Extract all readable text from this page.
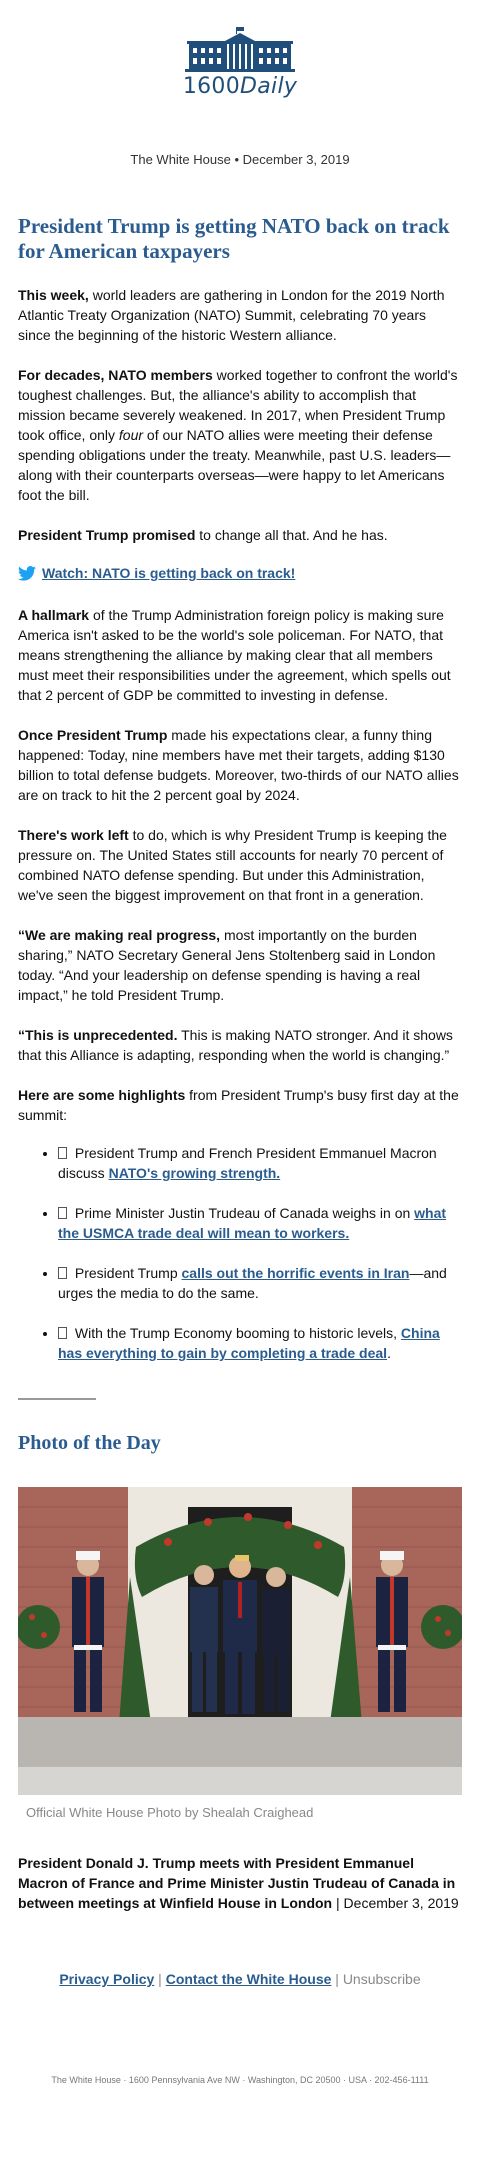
1600Daily
The White House • December 3, 2019
President Trump is getting NATO back on track for American taxpayers

This week, world leaders are gathering in London for the 2019 North Atlantic Treaty Organization (NATO) Summit, celebrating 70 years since the beginning of the historic Western alliance.

For decades, NATO members worked together to confront the world's toughest challenges. But, the alliance's ability to accomplish that mission became severely weakened. In 2017, when President Trump took office, only four of our NATO allies were meeting their defense spending obligations under the treaty. Meanwhile, past U.S. leaders—along with their counterparts overseas—were happy to let Americans foot the bill.

President Trump promised to change all that. And he has.

Watch: NATO is getting back on track!

A hallmark of the Trump Administration foreign policy is making sure America isn't asked to be the world's sole policeman. For NATO, that means strengthening the alliance by making clear that all members must meet their responsibilities under the agreement, which spells out that 2 percent of GDP be committed to investing in defense.

Once President Trump made his expectations clear, a funny thing happened: Today, nine members have met their targets, adding $130 billion to total defense budgets. Moreover, two-thirds of our NATO allies are on track to hit the 2 percent goal by 2024.

There's work left to do, which is why President Trump is keeping the pressure on. The United States still accounts for nearly 70 percent of combined NATO defense spending. But under this Administration, we've seen the biggest improvement on that front in a generation.

“We are making real progress, most importantly on the burden sharing,” NATO Secretary General Jens Stoltenberg said in London today. “And your leadership on defense spending is having a real impact,” he told President Trump.

“This is unprecedented. This is making NATO stronger. And it shows that this Alliance is adapting, responding when the world is changing.”

Here are some highlights from President Trump's busy first day at the summit:

• President Trump and French President Emmanuel Macron discuss NATO's growing strength.
• Prime Minister Justin Trudeau of Canada weighs in on what the USMCA trade deal will mean to workers.
• President Trump calls out the horrific events in Iran—and urges the media to do the same.
• With the Trump Economy booming to historic levels, China has everything to gain by completing a trade deal.
Photo of the Day
Official White House Photo by Shealah Craighead
President Donald J. Trump meets with President Emmanuel Macron of France and Prime Minister Justin Trudeau of Canada in between meetings at Winfield House in London | December 3, 2019
Privacy Policy | Contact the White House | Unsubscribe
The White House · 1600 Pennsylvania Ave NW · Washington, DC 20500 · USA · 202-456-1111
